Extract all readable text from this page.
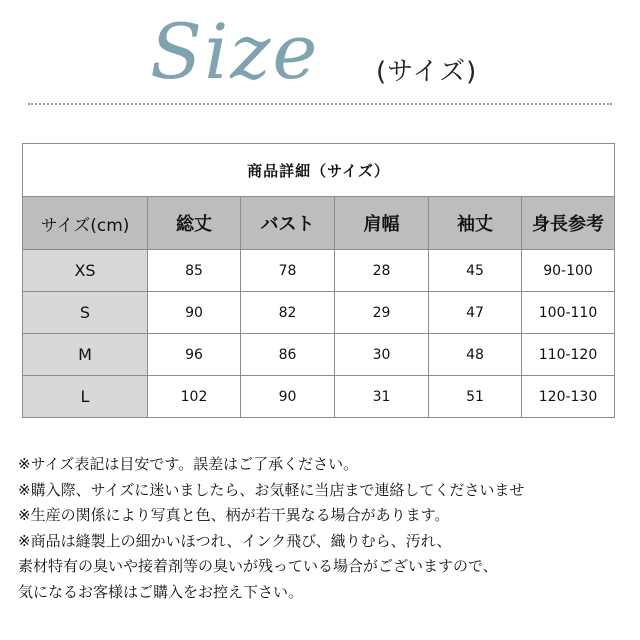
Size (サイズ)
商品詳細（サイズ）					
サイズ(cm)	総丈	バスト	肩幅	袖丈	身長参考
XS	85	78	28	45	90-100
S	90	82	29	47	100-110
M	96	86	30	48	110-120
L	102	90	31	51	120-130
※サイズ表記は目安です。誤差はご了承ください。
※購入際、サイズに迷いましたら、お気軽に当店まで連絡してくださいませ
※生産の関係により写真と色、柄が若干異なる場合があります。
※商品は縫製上の細かいほつれ、インク飛び、織りむら、汚れ、
素材特有の臭いや接着剤等の臭いが残っている場合がございますので、
気になるお客様はご購入をお控え下さい。
